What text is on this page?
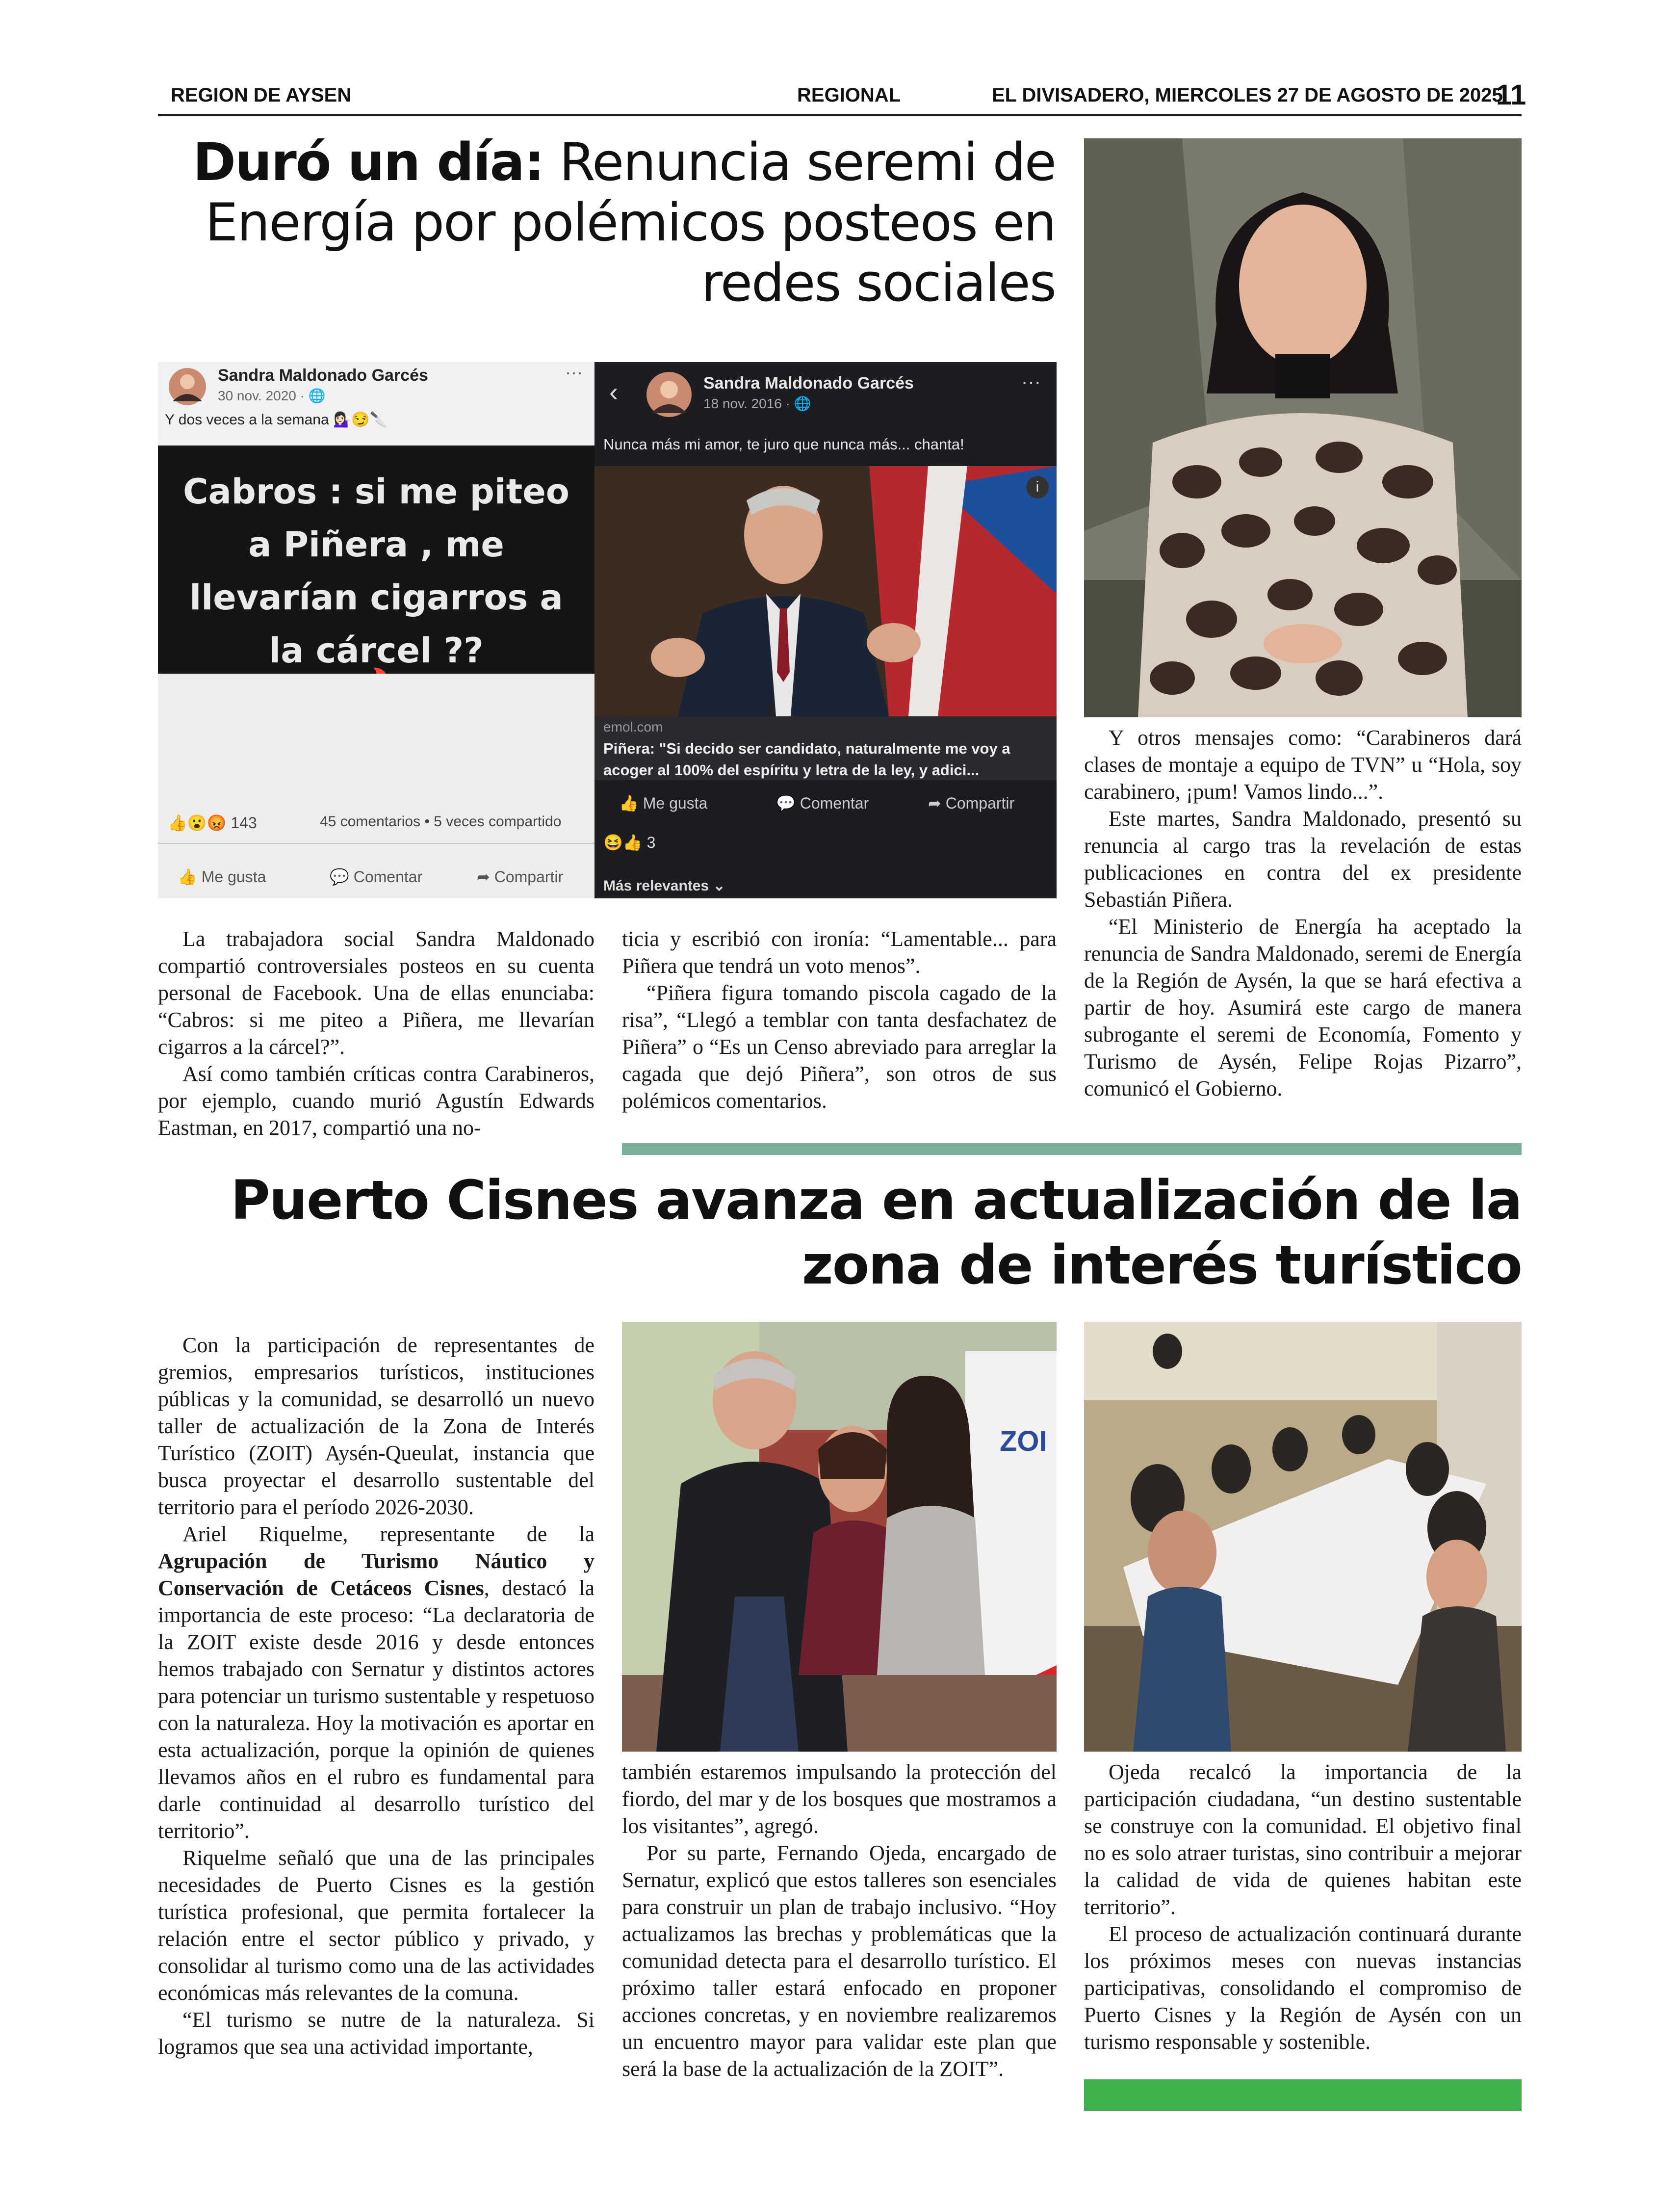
REGION DE AYSEN	REGIONAL	EL DIVISADERO, MIERCOLES 27 DE AGOSTO DE 2025
11
Duró un día: Renuncia seremi de Energía por polémicos posteos en redes sociales
Sandra Maldonado Garcés
30 nov. 2020 · 🌐
···
Y dos veces a la semana 💁🏻‍♀️😏🔪
Cabros : si me piteo a Piñera , me llevarían cigarros a la cárcel ??
👍😮😡 143	45 comentarios • 5 veces compartido
👍 Me gusta	💬 Comentar	➦ Compartir
‹	Sandra Maldonado Garcés
18 nov. 2016 · 🌐
···
Nunca más mi amor, te juro que nunca más... chanta!
i
emol.com
Piñera: "Si decido ser candidato, naturalmente me voy a acoger al 100% del espíritu y letra de la ley, y adici...
👍 Me gusta	💬 Comentar	➦ Compartir
😆👍 3
Más relevantes ⌄

La trabajadora social Sandra Maldonado compartió controversiales posteos en su cuenta personal de Facebook. Una de ellas enunciaba: “Cabros: si me piteo a Piñera, me llevarían cigarros a la cárcel?”.

Así como también críticas contra Carabineros, por ejemplo, cuando murió Agustín Edwards Eastman, en 2017, compartió una no-

ticia y escribió con ironía: “Lamentable... para Piñera que tendrá un voto menos”.

“Piñera figura tomando piscola cagado de la risa”, “Llegó a temblar con tanta desfachatez de Piñera” o “Es un Censo abreviado para arreglar la cagada que dejó Piñera”, son otros de sus polémicos comentarios.

Y otros mensajes como: “Carabineros dará clases de montaje a equipo de TVN” u “Hola, soy carabinero, ¡pum! Vamos lindo...”.

Este martes, Sandra Maldonado, presentó su renuncia al cargo tras la revelación de estas publicaciones en contra del ex presidente Sebastián Piñera.

“El Ministerio de Energía ha aceptado la renuncia de Sandra Maldonado, seremi de Energía de la Región de Aysén, la que se hará efectiva a partir de hoy. Asumirá este cargo de manera subrogante el seremi de Economía, Fomento y Turismo de Aysén, Felipe Rojas Pizarro”, comunicó el Gobierno.

Puerto Cisnes avanza en actualización de la zona de interés turístico
ZOI

Con la participación de representantes de gremios, empresarios turísticos, instituciones públicas y la comunidad, se desarrolló un nuevo taller de actualización de la Zona de Interés Turístico (ZOIT) Aysén-Queulat, instancia que busca proyectar el desarrollo sustentable del territorio para el período 2026-2030.

Ariel Riquelme, representante de la Agrupación de Turismo Náutico y Conservación de Cetáceos Cisnes, destacó la importancia de este proceso: “La declaratoria de la ZOIT existe desde 2016 y desde entonces hemos trabajado con Sernatur y distintos actores para potenciar un turismo sustentable y respetuoso con la naturaleza. Hoy la motivación es aportar en esta actualización, porque la opinión de quienes llevamos años en el rubro es fundamental para darle continuidad al desarrollo turístico del territorio”.

Riquelme señaló que una de las principales necesidades de Puerto Cisnes es la gestión turística profesional, que permita fortalecer la relación entre el sector público y privado, y consolidar al turismo como una de las actividades económicas más relevantes de la comuna.

“El turismo se nutre de la naturaleza. Si logramos que sea una actividad importante,

también estaremos impulsando la protección del fiordo, del mar y de los bosques que mostramos a los visitantes”, agregó.

Por su parte, Fernando Ojeda, encargado de Sernatur, explicó que estos talleres son esenciales para construir un plan de trabajo inclusivo. “Hoy actualizamos las brechas y problemáticas que la comunidad detecta para el desarrollo turístico. El próximo taller estará enfocado en proponer acciones concretas, y en noviembre realizaremos un encuentro mayor para validar este plan que será la base de la actualización de la ZOIT”.

Ojeda recalcó la importancia de la participación ciudadana, “un destino sustentable se construye con la comunidad. El objetivo final no es solo atraer turistas, sino contribuir a mejorar la calidad de vida de quienes habitan este territorio”.

El proceso de actualización continuará durante los próximos meses con nuevas instancias participativas, consolidando el compromiso de Puerto Cisnes y la Región de Aysén con un turismo responsable y sostenible.
